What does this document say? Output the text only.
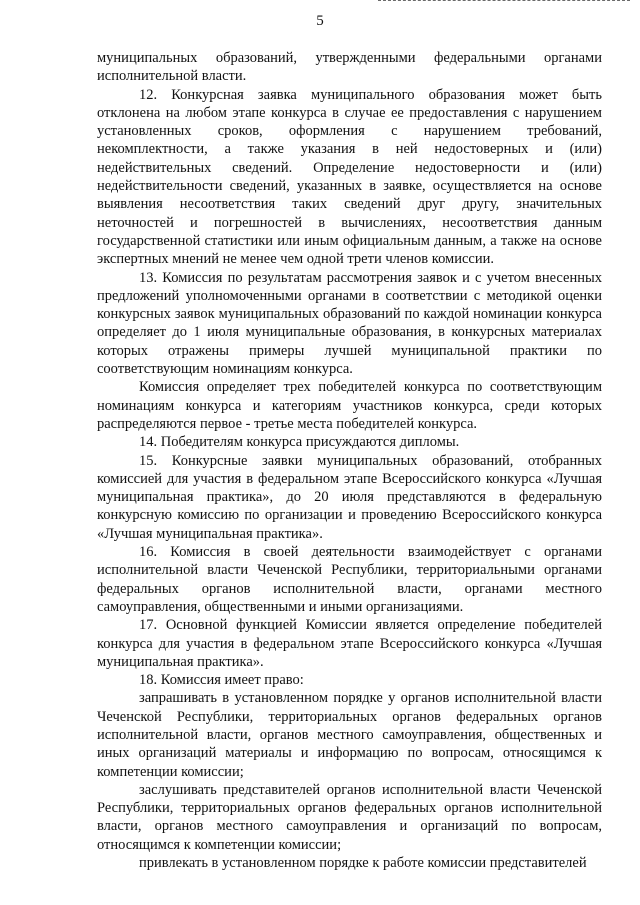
5

муниципальных образований, утвержденными федеральными органами исполнительной власти.

12. Конкурсная заявка муниципального образования может быть отклонена на любом этапе конкурса в случае ее предоставления с нарушением установленных сроков, оформления с нарушением требований, некомплектности, а также указания в ней недостоверных и (или) недействительных сведений. Определение недостоверности и (или) недействительности сведений, указанных в заявке, осуществляется на основе выявления несоответствия таких сведений друг другу, значительных неточностей и погрешностей в вычислениях, несоответствия данным государственной статистики или иным официальным данным, а также на основе экспертных мнений не менее чем одной трети членов комиссии.

13. Комиссия по результатам рассмотрения заявок и с учетом внесенных предложений уполномоченными органами в соответствии с методикой оценки конкурсных заявок муниципальных образований по каждой номинации конкурса определяет до 1 июля муниципальные образования, в конкурсных материалах которых отражены примеры лучшей муниципальной практики по соответствующим номинациям конкурса.

Комиссия определяет трех победителей конкурса по соответствующим номинациям конкурса и категориям участников конкурса, среди которых распределяются первое - третье места победителей конкурса.

14. Победителям конкурса присуждаются дипломы.

15. Конкурсные заявки муниципальных образований, отобранных комиссией для участия в федеральном этапе Всероссийского конкурса «Лучшая муниципальная практика», до 20 июля представляются в федеральную конкурсную комиссию по организации и проведению Всероссийского конкурса «Лучшая муниципальная практика».

16. Комиссия в своей деятельности взаимодействует с органами исполнительной власти Чеченской Республики, территориальными органами федеральных органов исполнительной власти, органами местного самоуправления, общественными и иными организациями.

17. Основной функцией Комиссии является определение победителей конкурса для участия в федеральном этапе Всероссийского конкурса «Лучшая муниципальная практика».

18. Комиссия имеет право:

запрашивать в установленном порядке у органов исполнительной власти Чеченской Республики, территориальных органов федеральных органов исполнительной власти, органов местного самоуправления, общественных и иных организаций материалы и информацию по вопросам, относящимся к компетенции комиссии;

заслушивать представителей органов исполнительной власти Чеченской Республики, территориальных органов федеральных органов исполнительной власти, органов местного самоуправления и организаций по вопросам, относящимся к компетенции комиссии;

привлекать в установленном порядке к работе комиссии представителей
